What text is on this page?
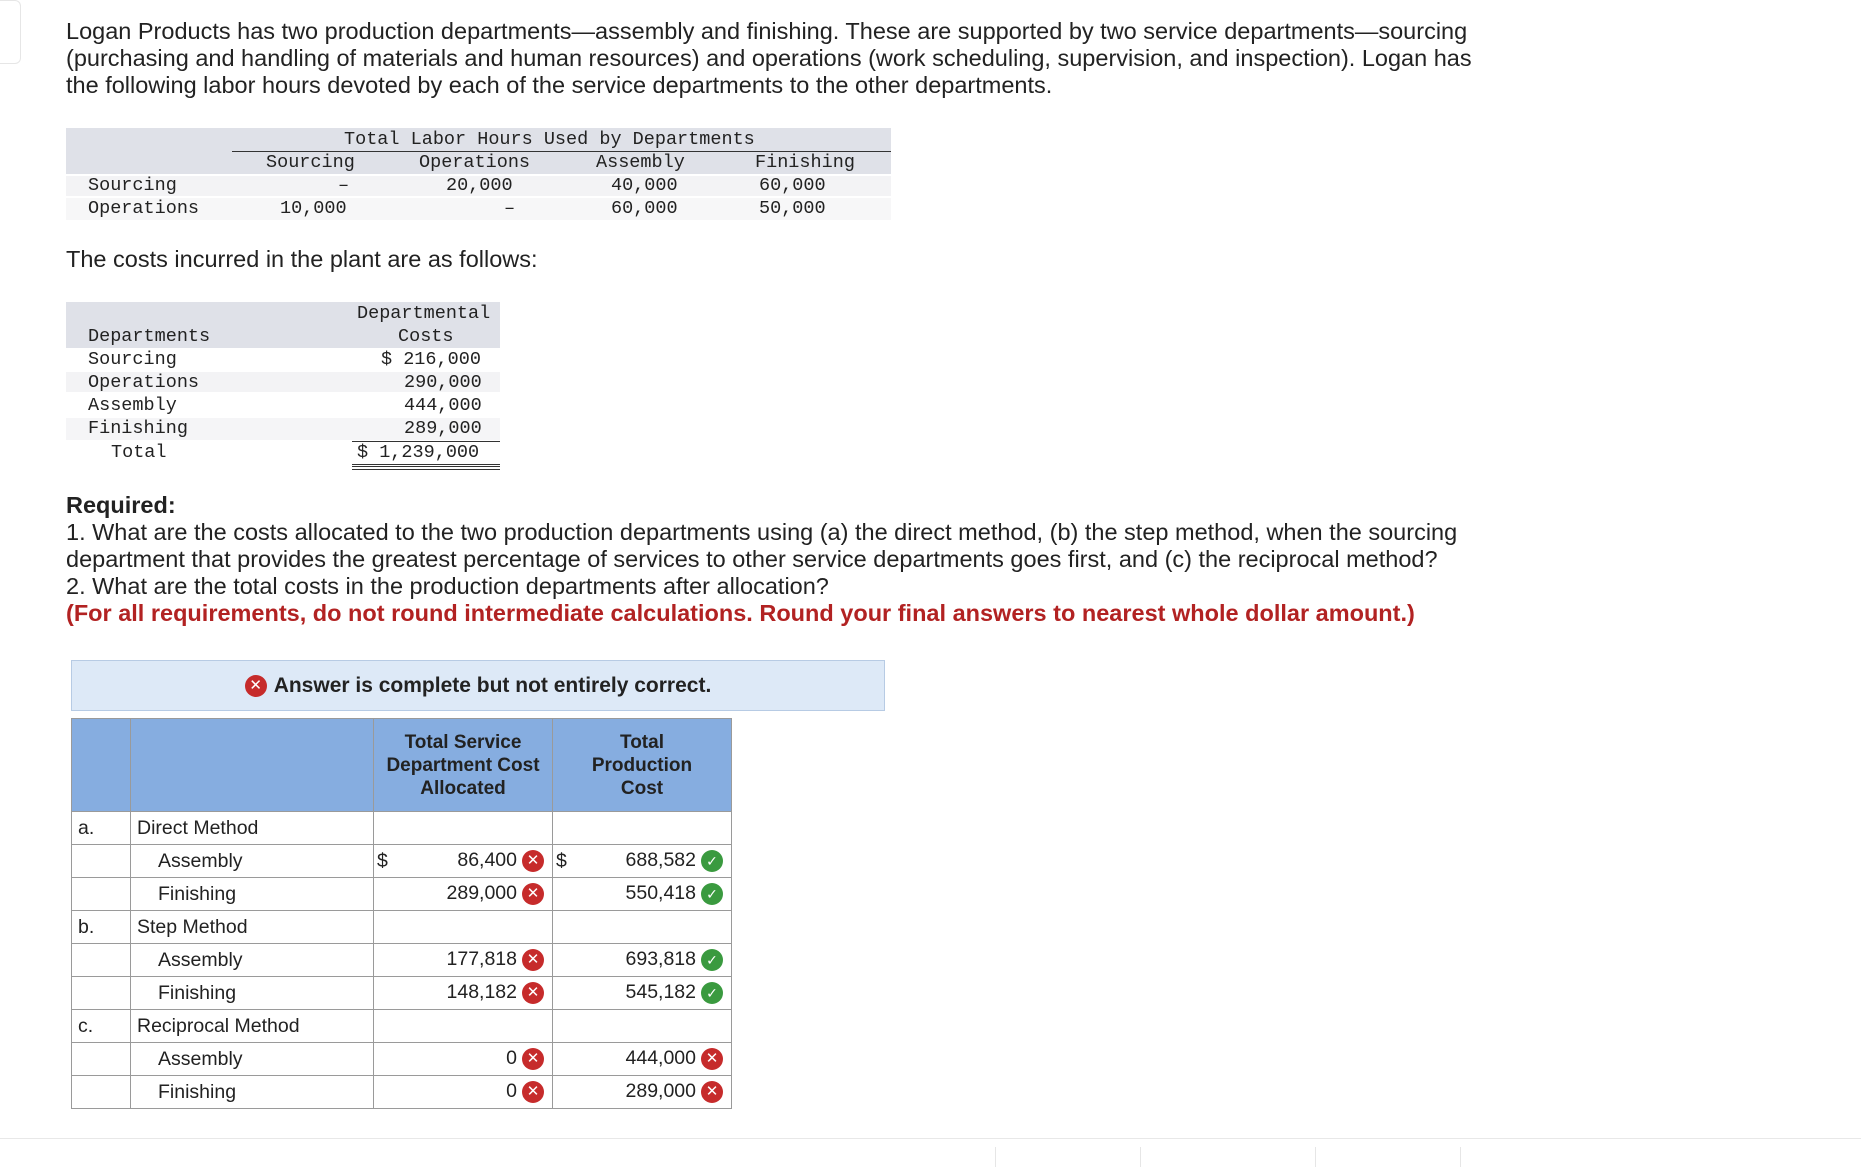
Logan Products has two production departments—assembly and finishing. These are supported by two service departments—sourcing (purchasing and handling of materials and human resources) and operations (work scheduling, supervision, and inspection). Logan has the following labor hours devoted by each of the service departments to the other departments.

Total Labor Hours Used by Departments
Sourcing	Operations	Assembly	Finishing
Sourcing	–	20,000	40,000	60,000
Operations	10,000	–	60,000	50,000

The costs incurred in the plant are as follows:

Departmental
Costs
Departments
Sourcing	$ 216,000
Operations	290,000
Assembly	444,000
Finishing	289,000
Total	$ 1,239,000
Required:
1. What are the costs allocated to the two production departments using (a) the direct method, (b) the step method, when the sourcing department that provides the greatest percentage of services to other service departments goes first, and (c) the reciprocal method?
2. What are the total costs in the production departments after allocation?
(For all requirements, do not round intermediate calculations. Round your final answers to nearest whole dollar amount.)
✕ Answer is complete but not entirely correct.
		Total Service Department Cost Allocated	Total Production Cost
a.	Direct Method		
	Assembly	$ 86,400 ✕	$ 688,582 ✓

	Finishing	289,000 ✕	550,418 ✓

b.	Step Method		
	Assembly	177,818 ✕	693,818 ✓

	Finishing	148,182 ✕	545,182 ✓

c.	Reciprocal Method		
	Assembly	0 ✕	444,000 ✕

	Finishing	0 ✕	289,000 ✕
